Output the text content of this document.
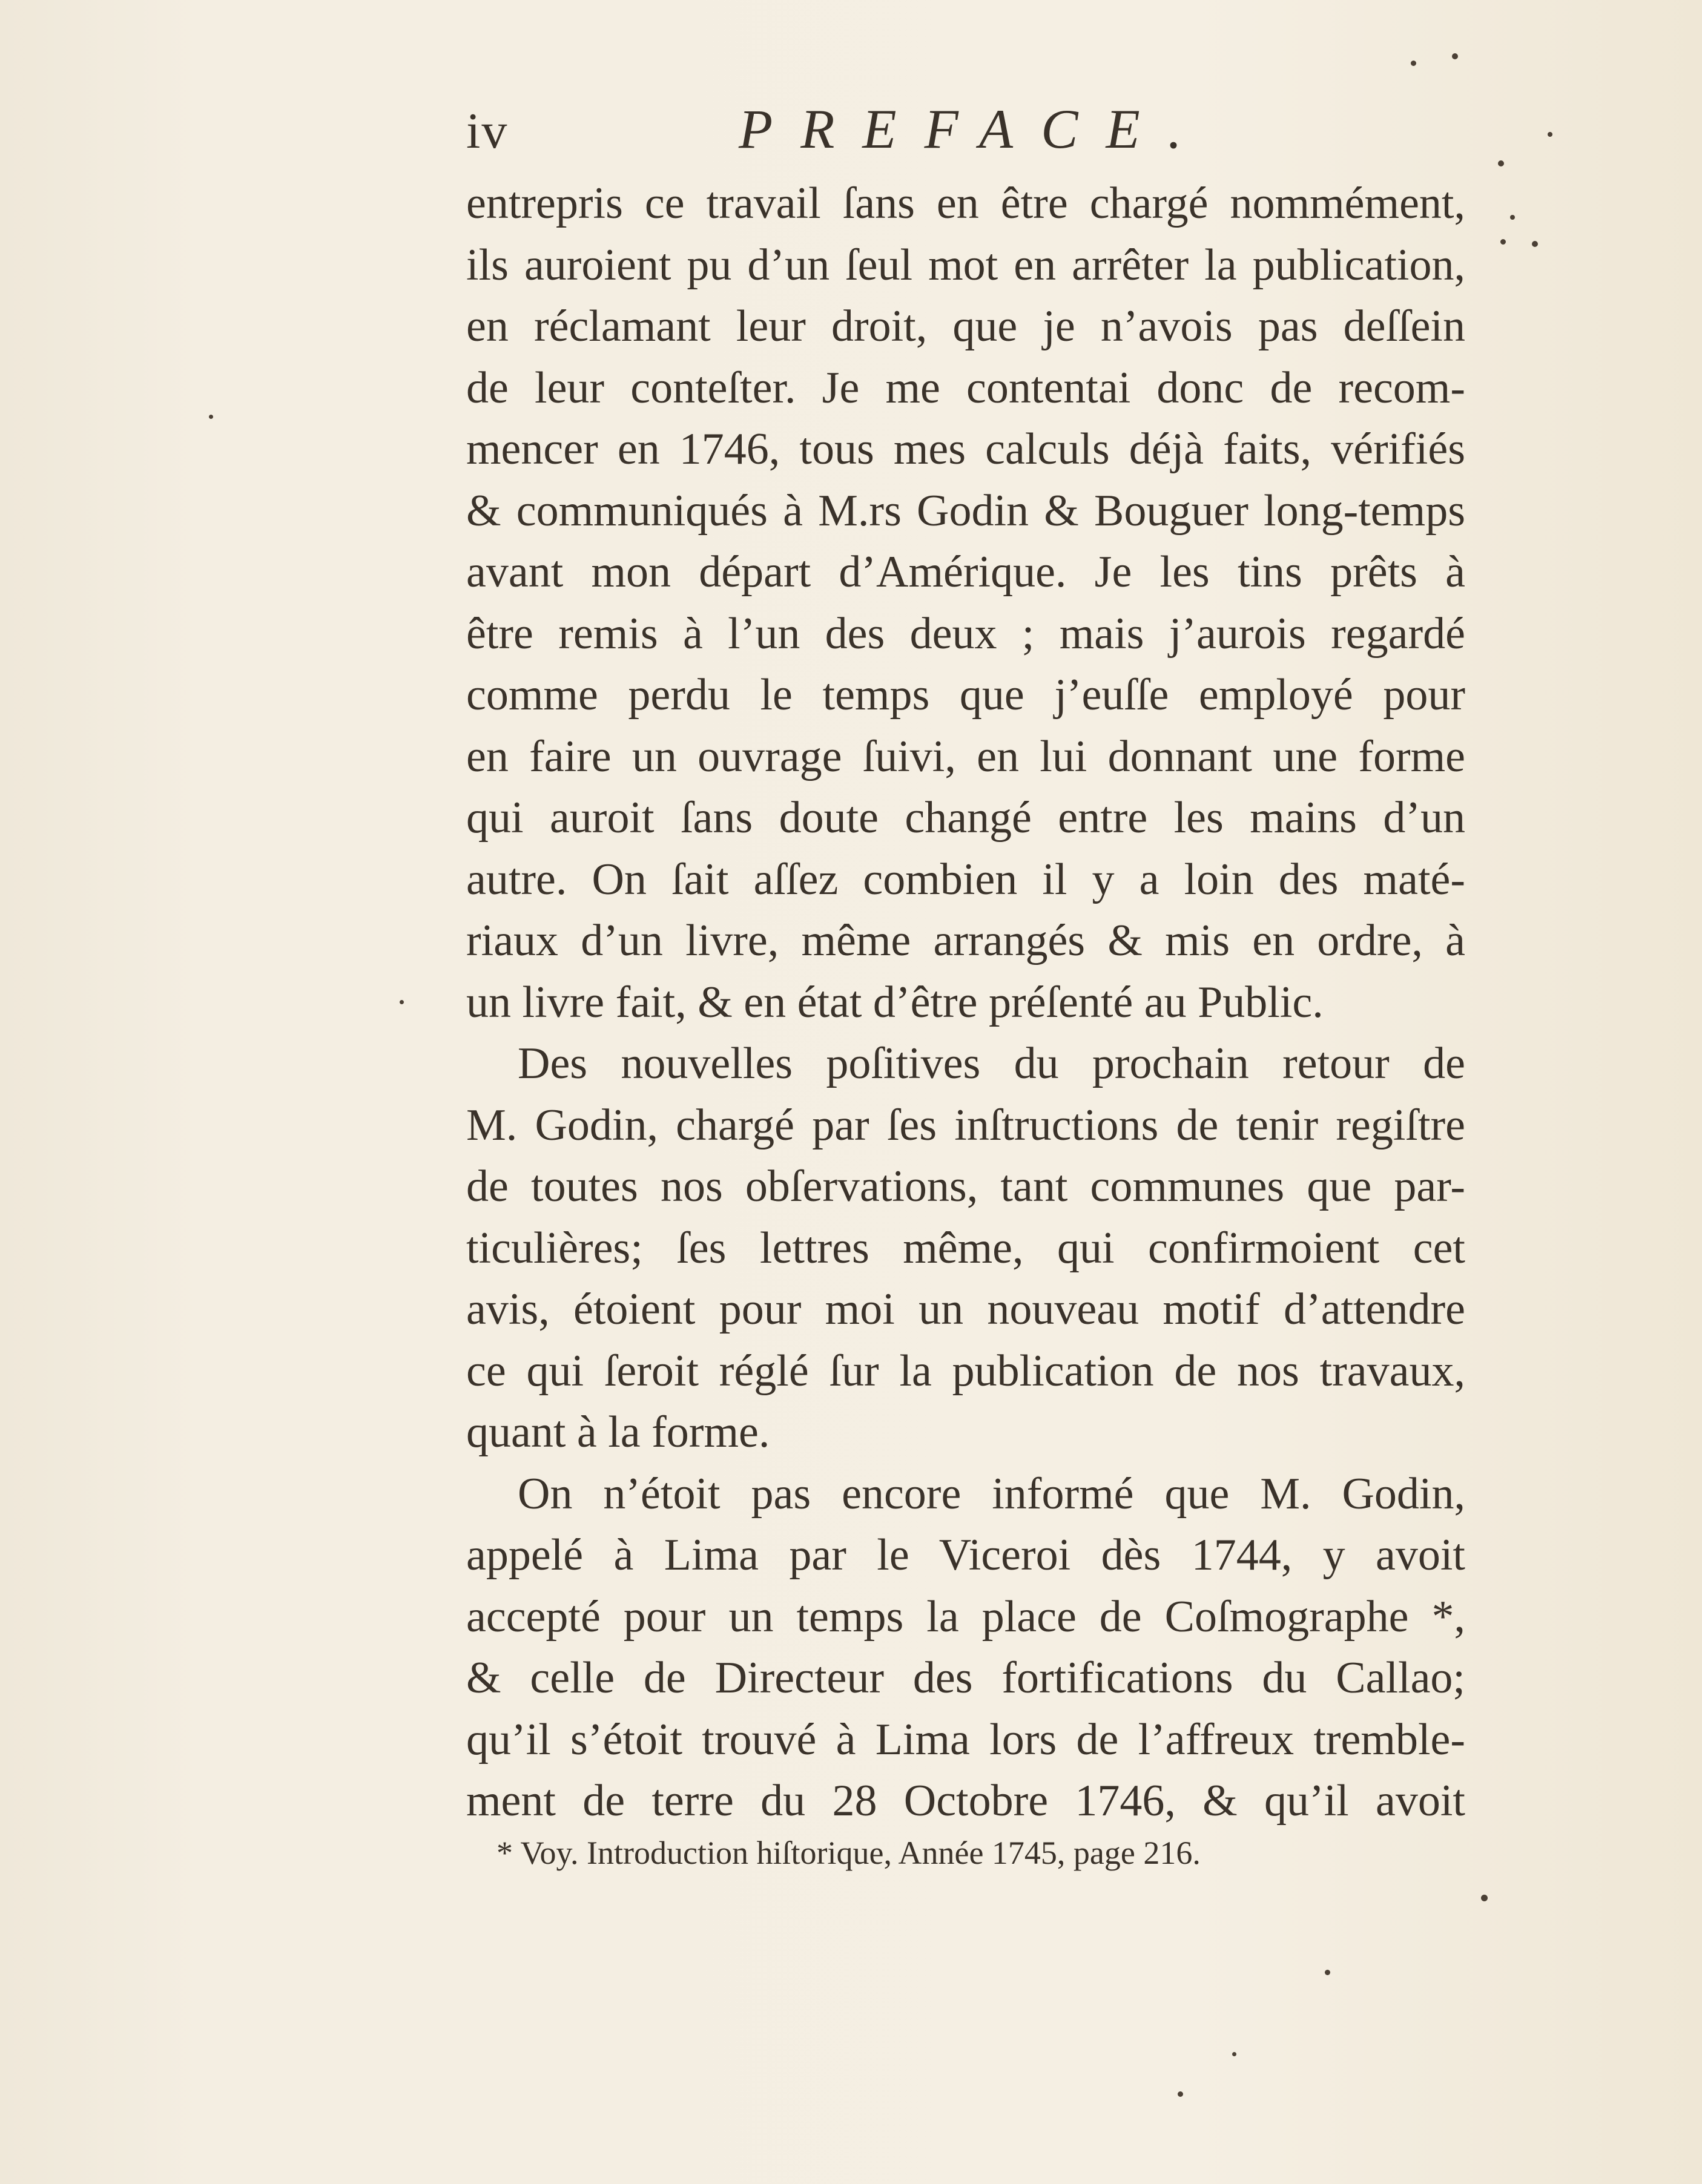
iv	PREFACE.
entrepris ce travail ſans en être chargé nommément,
ils auroient pu d’un ſeul mot en arrêter la publication,
en réclamant leur droit, que je n’avois pas deſſein
de leur conteſter. Je me contentai donc de recom-
mencer en 1746, tous mes calculs déjà faits, vérifiés
& communiqués à M.rs Godin & Bouguer long-temps
avant mon départ d’Amérique. Je les tins prêts à
être remis à l’un des deux ; mais j’aurois regardé
comme perdu le temps que j’euſſe employé pour
en faire un ouvrage ſuivi, en lui donnant une forme
qui auroit ſans doute changé entre les mains d’un
autre. On ſait aſſez combien il y a loin des maté-
riaux d’un livre, même arrangés & mis en ordre, à
un livre fait, & en état d’être préſenté au Public.
Des nouvelles poſitives du prochain retour de
M. Godin, chargé par ſes inſtructions de tenir regiſtre
de toutes nos obſervations, tant communes que par-
ticulières; ſes lettres même, qui confirmoient cet
avis, étoient pour moi un nouveau motif d’attendre
ce qui ſeroit réglé ſur la publication de nos travaux,
quant à la forme.
On n’étoit pas encore informé que M. Godin,
appelé à Lima par le Viceroi dès 1744, y avoit
accepté pour un temps la place de Coſmographe *,
& celle de Directeur des fortifications du Callao;
qu’il s’étoit trouvé à Lima lors de l’affreux tremble-
ment de terre du 28 Octobre 1746, & qu’il avoit
* Voy. Introduction hiſtorique, Année 1745, page 216.
